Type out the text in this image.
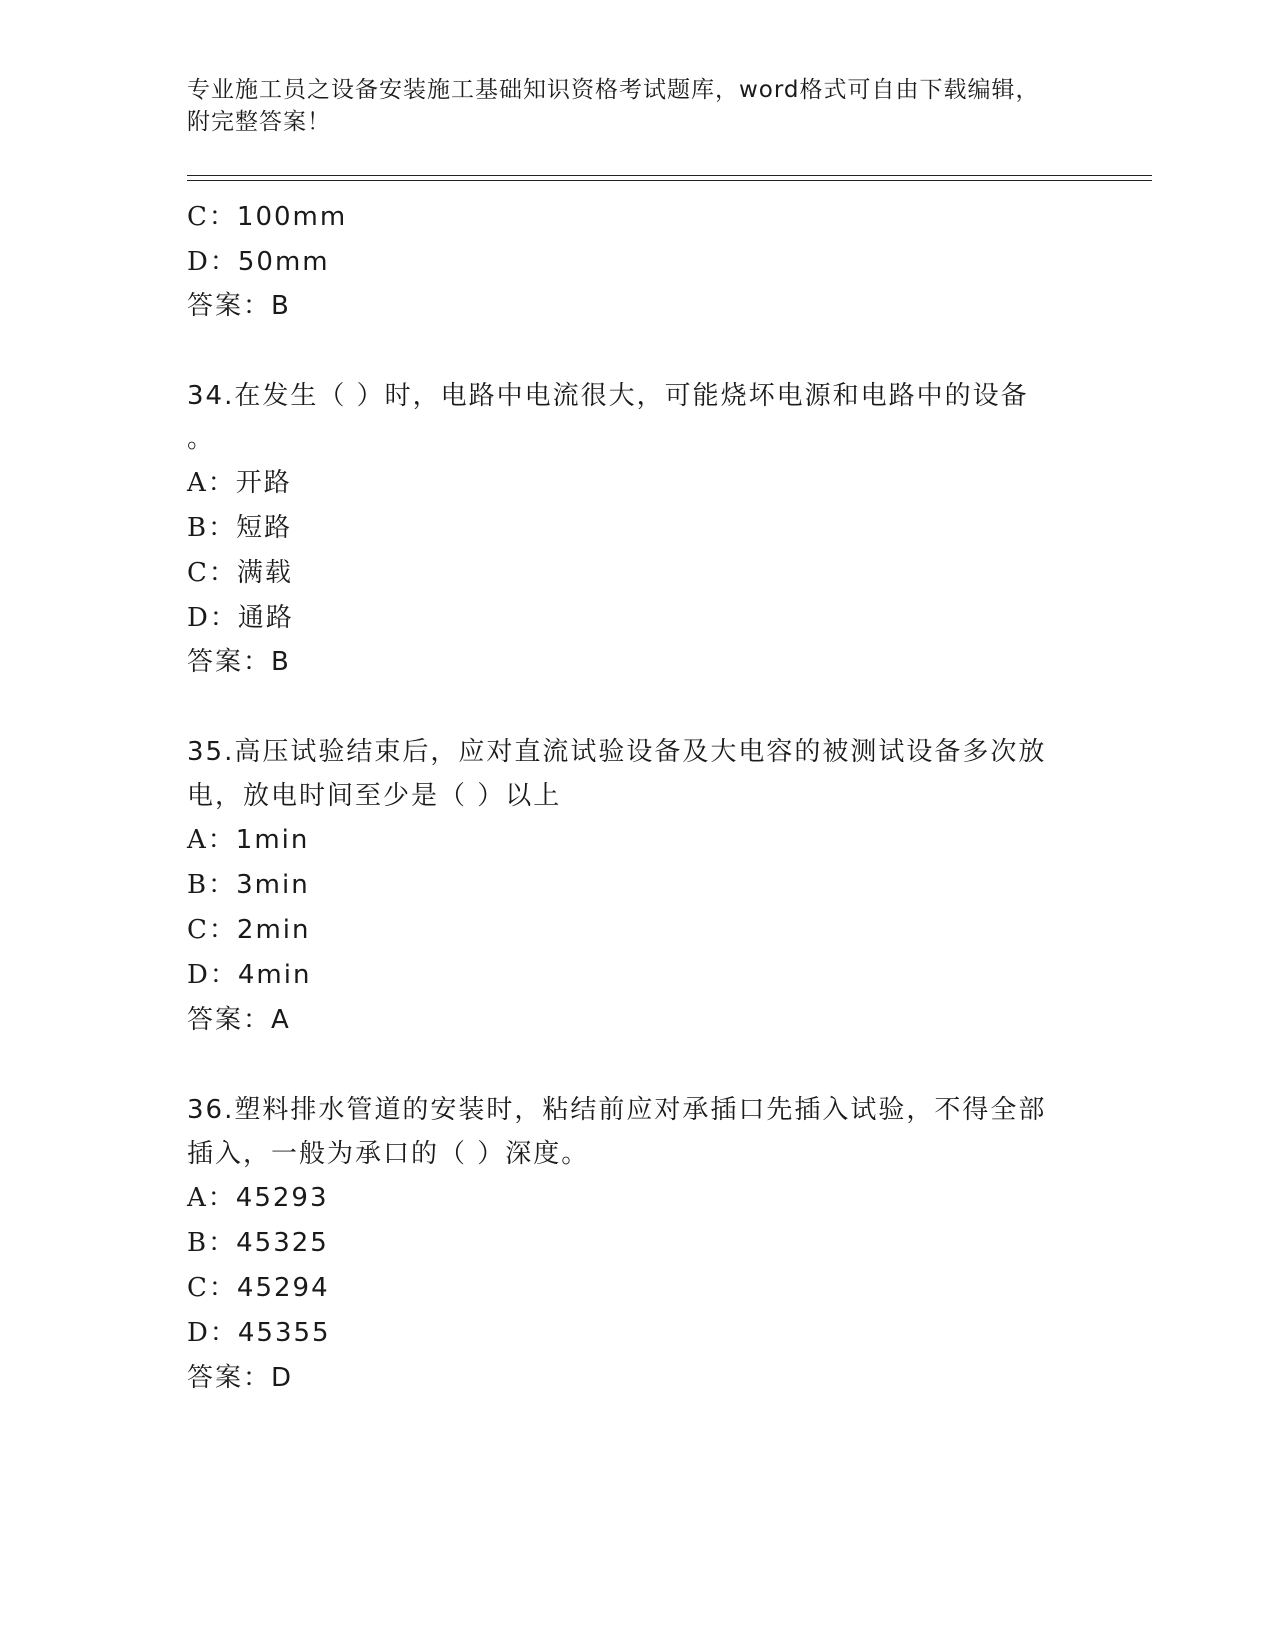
专业施工员之设备安装施工基础知识资格考试题库，word格式可自由下载编辑，
附完整答案！
C：100mm
D：50mm
答案：B
34.在发生（ ）时，电路中电流很大，可能烧坏电源和电路中的设备
。
A：开路
B：短路
C：满载
D：通路
答案：B
35.高压试验结束后，应对直流试验设备及大电容的被测试设备多次放
电，放电时间至少是（ ）以上
A：1min
B：3min
C：2min
D：4min
答案：A
36.塑料排水管道的安装时，粘结前应对承插口先插入试验，不得全部
插入，一般为承口的（ ）深度。
A：45293
B：45325
C：45294
D：45355
答案：D
